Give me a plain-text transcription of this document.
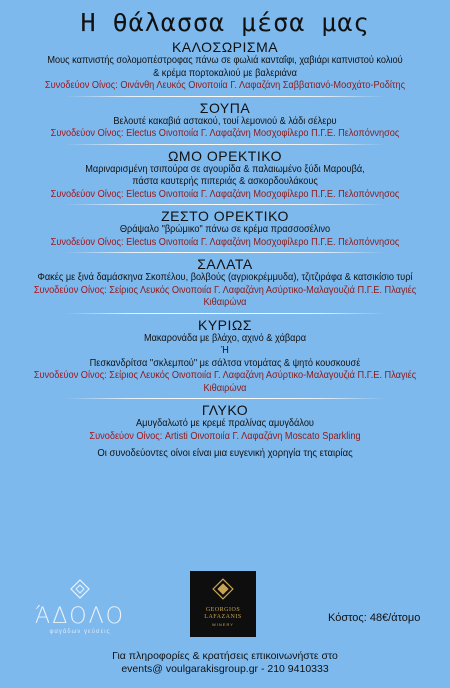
Η θάλασσα μέσα μας
ΚΑΛΟΣΩΡΙΣΜΑ
Μους καπνιστής σολομοπέστροφας πάνω σε φωλιά κανταΐφι, χαβιάρι καπνιστού κολιού
& κρέμα πορτοκαλιού με βαλεριάνα
Συνοδεύον Οίνος: Οινάνθη Λευκός Οινοποιία Γ. Λαφαζάνη Σαββατιανό-Μοσχάτο-Ροδίτης
ΣΟΥΠΑ
Βελουτέ κακαβιά αστακού, τουί λεμονιού & λάδι σέλερυ
Συνοδεύον Οίνος: Electus Οινοποιία Γ. Λαφαζάνη Μοσχοφίλερο Π.Γ.Ε. Πελοπόννησος
ΩΜΟ ΟΡΕΚΤΙΚΟ
Μαριναρισμένη τσιπούρα σε αγουρίδα & παλαιωμένο ξύδι Μαρουβά,
πάστα καυτερής πιπεριάς & ασκορδουλάκους
Συνοδεύον Οίνος: Electus Οινοποιία Γ. Λαφαζάνη Μοσχοφίλερο Π.Γ.Ε. Πελοπόννησος
ΖΕΣΤΟ ΟΡΕΚΤΙΚΟ
Θράψαλο "βρώμικο" πάνω σε κρέμα πρασσοσέλινο
Συνοδεύον Οίνος: Electus Οινοποιία Γ. Λαφαζάνη Μοσχοφίλερο Π.Γ.Ε. Πελοπόννησος
ΣΑΛΑΤΑ
Φακές με ξινά δαμάσκηνα Σκοπέλου, βολβούς (αγριοκρέμμυδα), τζιτζιράφα & κατσικίσιο τυρί
Συνοδεύον Οίνος: Σείριος Λευκός Οινοποιία Γ. Λαφαζάνη Ασύρτικο-Μαλαγουζιά Π.Γ.Ε. Πλαγιές Κιθαιρώνα
ΚΥΡΙΩΣ
Μακαρονάδα με βλάχο, αχινό & χάβαρα
Ή
Πεσκανδρίτσα "σκλεμπού" με σάλτσα ντομάτας & ψητό κουσκουσέ
Συνοδεύον Οίνος: Σείριος Λευκός Οινοποιία Γ. Λαφαζάνη Ασύρτικο-Μαλαγουζιά Π.Γ.Ε. Πλαγιές Κιθαιρώνα
ΓΛΥΚΟ
Αμυγδαλωτό με κρεμέ πραλίνας αμυγδάλου
Συνοδεύον Οίνος: Artisti Οινοποιία Γ. Λαφαζάνη Moscato Sparkling
Οι συνοδεύοντες οίνοι είναι μια ευγενική χορηγία της εταιρίας
ΆΔΟΛΟ
φαγάδων γεύσεις
GEORGIOS
LAFAZANIS
WINERY
Κόστος: 48€/άτομο
Για πληροφορίες & κρατήσεις επικοινωνήστε στο
events@ voulgarakisgroup.gr - 210 9410333
